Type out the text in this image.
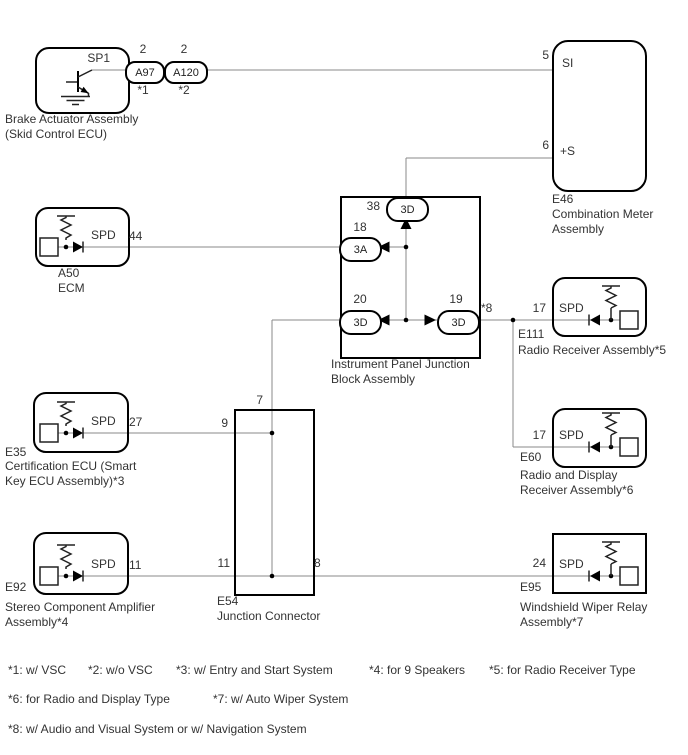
SP1
Brake Actuator Assembly
(Skid Control ECU)
2	2
A97	A120
*1	*2
5
SI
6 +S
E46
Combination Meter
Assembly
38	3D
18
3A
20
3D
19
3D
*8
Instrument Panel Junction
Block Assembly
SPD 44
A50
ECM
SPD 27
E35
Certification ECU (Smart
Key ECU Assembly)*3
SPD 11
E92
Stereo Component Amplifier
Assembly*4
7
9
11	8
E54
Junction Connector
SPD
17
E111
Radio Receiver Assembly*5
SPD
17
E60
Radio and Display
Receiver Assembly*6
SPD
24
E95
Windshield Wiper Relay
Assembly*7
*1: w/ VSC *2: w/o VSC *3: w/ Entry and Start System	*4: for 9 Speakers *5: for Radio Receiver Type
*6: for Radio and Display Type	*7: w/ Auto Wiper System
*8: w/ Audio and Visual System or w/ Navigation System
